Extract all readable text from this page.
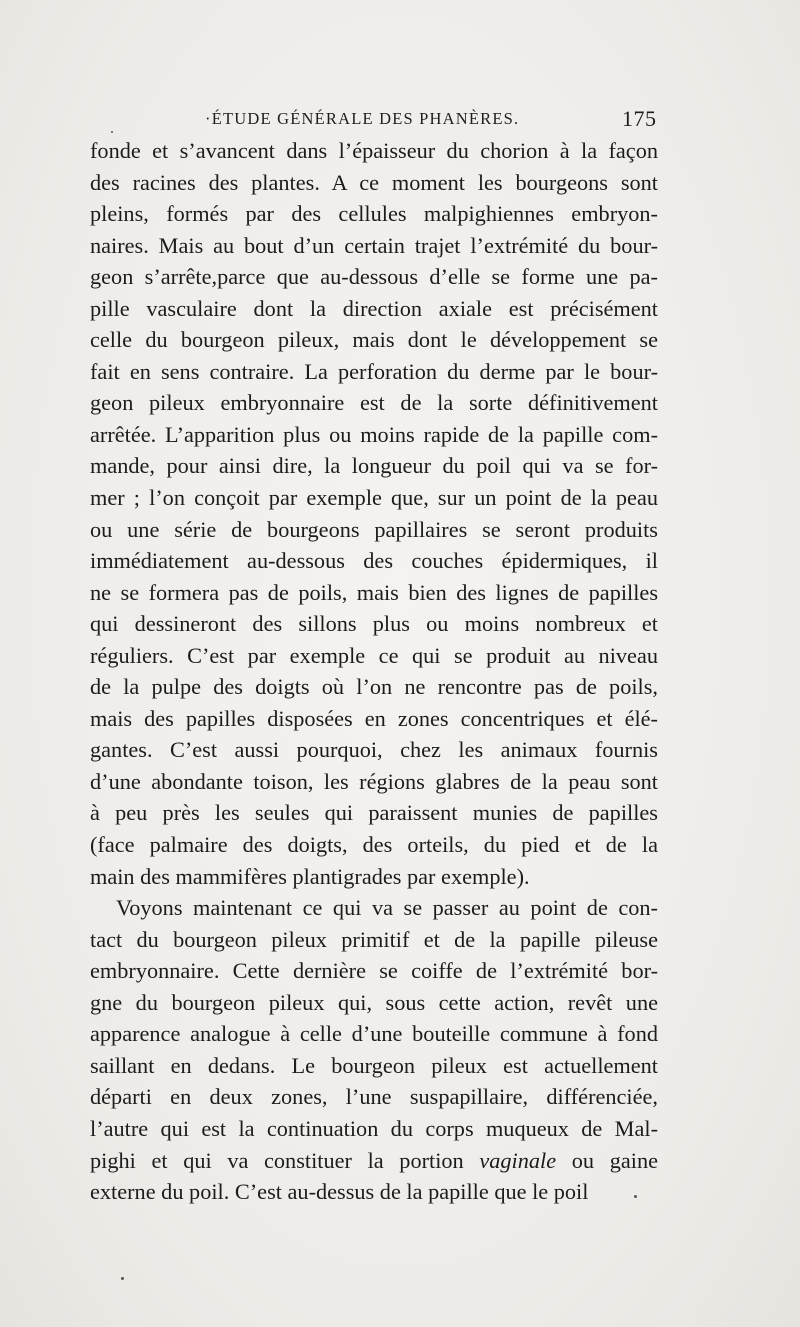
·ÉTUDE GÉNÉRALE DES PHANÈRES.	175
fonde et s’avancent dans l’épaisseur du chorion à la façon
des racines des plantes. A ce moment les bourgeons sont
pleins, formés par des cellules malpighiennes embryon-
naires. Mais au bout d’un certain trajet l’extrémité du bour-
geon s’arrête,parce que au-dessous d’elle se forme une pa-
pille vasculaire dont la direction axiale est précisément
celle du bourgeon pileux, mais dont le développement se
fait en sens contraire. La perforation du derme par le bour-
geon pileux embryonnaire est de la sorte définitivement
arrêtée. L’apparition plus ou moins rapide de la papille com-
mande, pour ainsi dire, la longueur du poil qui va se for-
mer ; l’on conçoit par exemple que, sur un point de la peau
ou une série de bourgeons papillaires se seront produits
immédiatement au-dessous des couches épidermiques, il
ne se formera pas de poils, mais bien des lignes de papilles
qui dessineront des sillons plus ou moins nombreux et
réguliers. C’est par exemple ce qui se produit au niveau
de la pulpe des doigts où l’on ne rencontre pas de poils,
mais des papilles disposées en zones concentriques et élé-
gantes. C’est aussi pourquoi, chez les animaux fournis
d’une abondante toison, les régions glabres de la peau sont
à peu près les seules qui paraissent munies de papilles
(face palmaire des doigts, des orteils, du pied et de la
main des mammifères plantigrades par exemple).
Voyons maintenant ce qui va se passer au point de con-
tact du bourgeon pileux primitif et de la papille pileuse
embryonnaire. Cette dernière se coiffe de l’extrémité bor-
gne du bourgeon pileux qui, sous cette action, revêt une
apparence analogue à celle d’une bouteille commune à fond
saillant en dedans. Le bourgeon pileux est actuellement
départi en deux zones, l’une suspapillaire, différenciée,
l’autre qui est la continuation du corps muqueux de Mal-
pighi et qui va constituer la portion vaginale ou gaine
externe du poil. C’est au-dessus de la papille que le poil
